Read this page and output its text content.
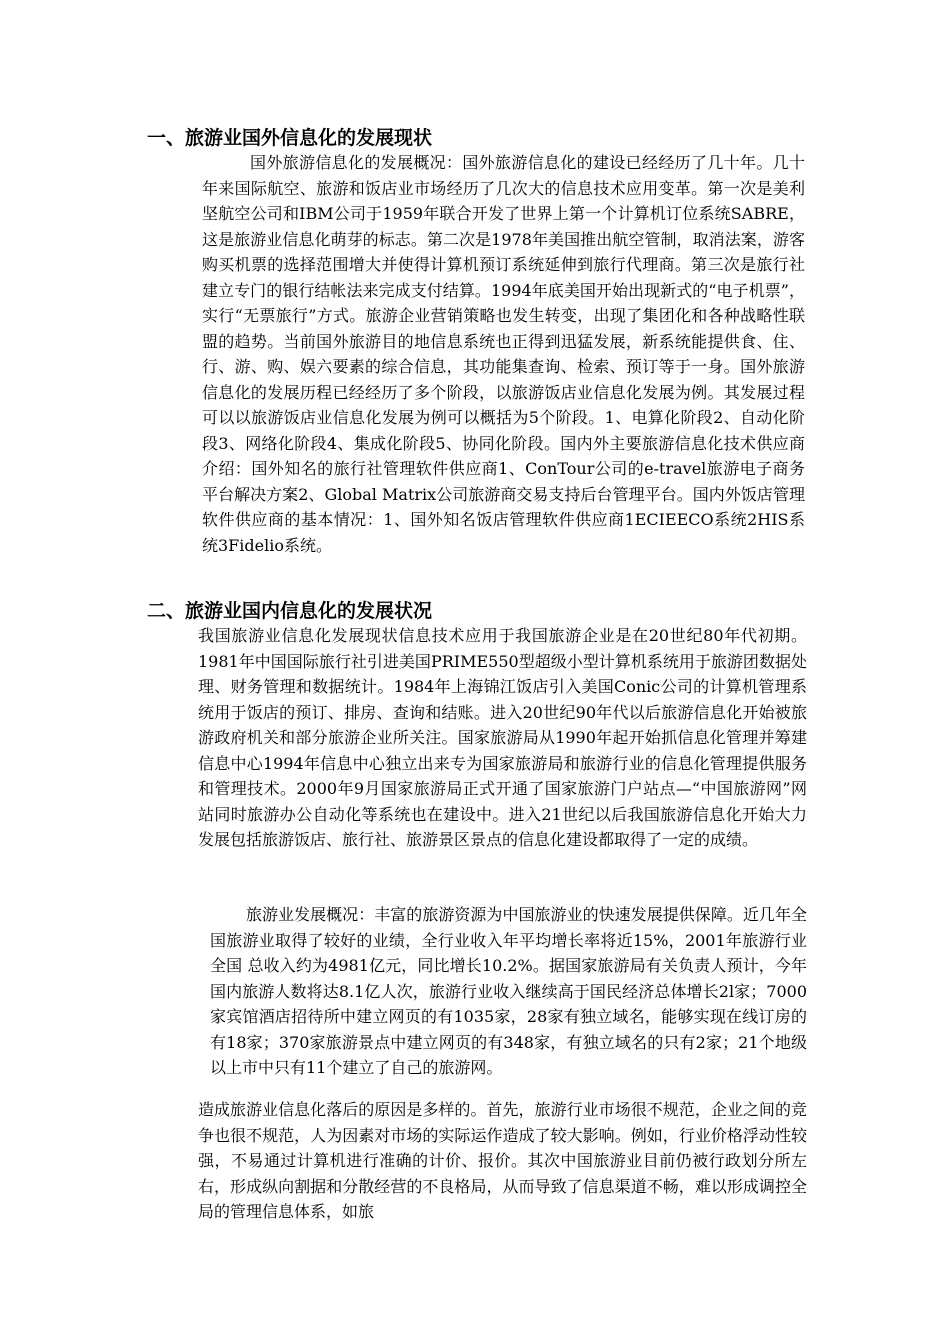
一、旅游业国外信息化的发展现状

国外旅游信息化的发展概况：国外旅游信息化的建设已经经历了几十年。几十年来国际航空、旅游和饭店业市场经历了几次大的信息技术应用变革。第一次是美利坚航空公司和IBM公司于1959年联合开发了世界上第一个计算机订位系统SABRE，这是旅游业信息化萌芽的标志。第二次是1978年美国推出航空管制，取消法案，游客购买机票的选择范围增大并使得计算机预订系统延伸到旅行代理商。第三次是旅行社建立专门的银行结帐法来完成支付结算。1994年底美国开始出现新式的“电子机票”，实行“无票旅行”方式。旅游企业营销策略也发生转变，出现了集团化和各种战略性联盟的趋势。当前国外旅游目的地信息系统也正得到迅猛发展，新系统能提供食、住、行、游、购、娱六要素的综合信息，其功能集查询、检索、预订等于一身。国外旅游信息化的发展历程已经经历了多个阶段，以旅游饭店业信息化发展为例。其发展过程可以以旅游饭店业信息化发展为例可以概括为5个阶段。1、电算化阶段2、自动化阶段3、网络化阶段4、集成化阶段5、协同化阶段。国内外主要旅游信息化技术供应商介绍：国外知名的旅行社管理软件供应商1、ConTour公司的e-travel旅游电子商务平台解决方案2、Global Matrix公司旅游商交易支持后台管理平台。国内外饭店管理软件供应商的基本情况：1、国外知名饭店管理软件供应商1ECIEECO系统2HIS系统3Fidelio系统。

二、旅游业国内信息化的发展状况

我国旅游业信息化发展现状信息技术应用于我国旅游企业是在20世纪80年代初期。1981年中国国际旅行社引进美国PRIME550型超级小型计算机系统用于旅游团数据处理、财务管理和数据统计。1984年上海锦江饭店引入美国Conic公司的计算机管理系统用于饭店的预订、排房、查询和结账。进入20世纪90年代以后旅游信息化开始被旅游政府机关和部分旅游企业所关注。国家旅游局从1990年起开始抓信息化管理并筹建信息中心1994年信息中心独立出来专为国家旅游局和旅游行业的信息化管理提供服务和管理技术。2000年9月国家旅游局正式开通了国家旅游门户站点—“中国旅游网”网站同时旅游办公自动化等系统也在建设中。进入21世纪以后我国旅游信息化开始大力发展包括旅游饭店、旅行社、旅游景区景点的信息化建设都取得了一定的成绩。

旅游业发展概况：丰富的旅游资源为中国旅游业的快速发展提供保障。近几年全国旅游业取得了较好的业绩，全行业收入年平均增长率将近15%，2001年旅游行业全国 总收入约为4981亿元，同比增长10.2%。据国家旅游局有关负责人预计，今年国内旅游人数将达8.1亿人次，旅游行业收入继续高于国民经济总体增长2l家；7000家宾馆酒店招待所中建立网页的有1035家，28家有独立域名，能够实现在线订房的有18家；370家旅游景点中建立网页的有348家，有独立域名的只有2家；21个地级以上市中只有11个建立了自己的旅游网。

造成旅游业信息化落后的原因是多样的。首先，旅游行业市场很不规范，企业之间的竞争也很不规范，人为因素对市场的实际运作造成了较大影响。例如，行业价格浮动性较强，不易通过计算机进行准确的计价、报价。其次中国旅游业目前仍被行政划分所左右，形成纵向割据和分散经营的不良格局，从而导致了信息渠道不畅，难以形成调控全局的管理信息体系，如旅
